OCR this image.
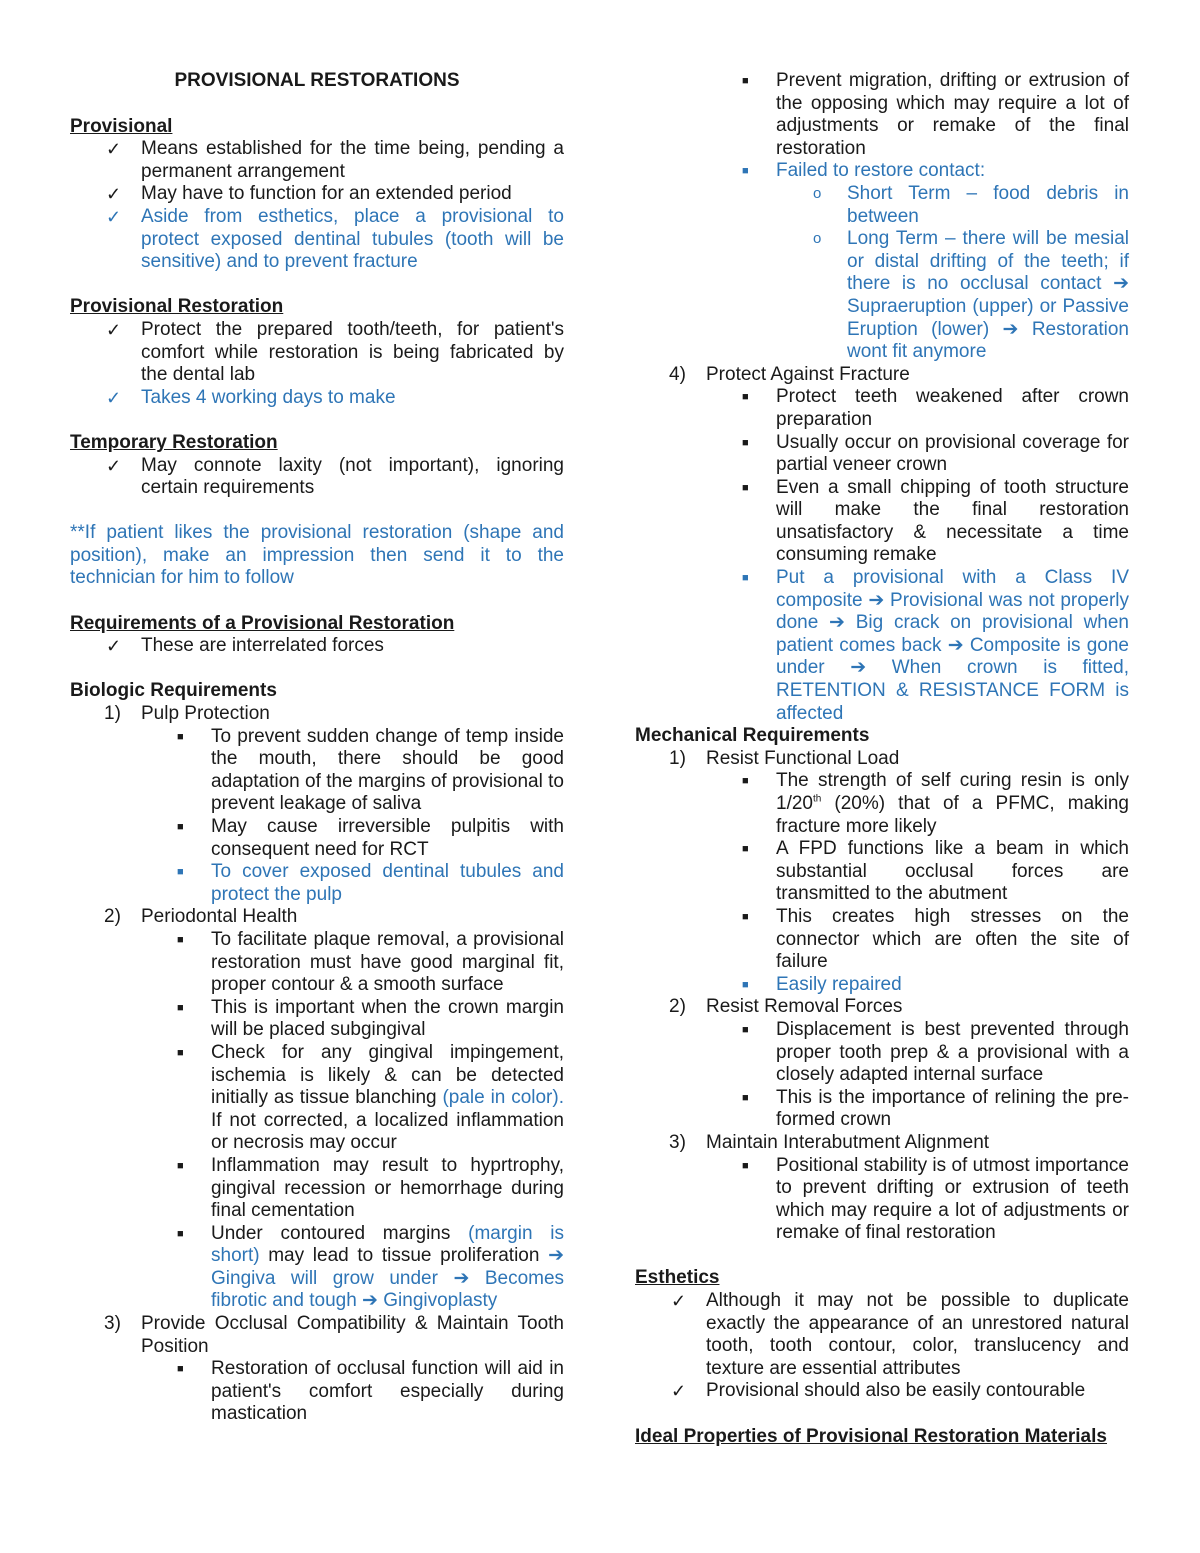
PROVISIONAL RESTORATIONS
Provisional
✓ Means established for the time being, pending a permanent arrangement
✓ May have to function for an extended period
✓ Aside from esthetics, place a provisional to protect exposed dentinal tubules (tooth will be sensitive) and to prevent fracture
Provisional Restoration
✓ Protect the prepared tooth/teeth, for patient's comfort while restoration is being fabricated by the dental lab
✓ Takes 4 working days to make
Temporary Restoration
✓ May connote laxity (not important), ignoring certain requirements
**If patient likes the provisional restoration (shape and position), make an impression then send it to the technician for him to follow
Requirements of a Provisional Restoration
✓ These are interrelated forces
Biologic Requirements
1) Pulp Protection
■ To prevent sudden change of temp inside the mouth, there should be good adaptation of the margins of provisional to prevent leakage of saliva
■ May cause irreversible pulpitis with consequent need for RCT
■ To cover exposed dentinal tubules and protect the pulp
2) Periodontal Health
■ To facilitate plaque removal, a provisional restoration must have good marginal fit, proper contour & a smooth surface
■ This is important when the crown margin will be placed subgingival
■ Check for any gingival impingement, ischemia is likely & can be detected initially as tissue blanching (pale in color). If not corrected, a localized inflammation or necrosis may occur
■ Inflammation may result to hyprtrophy, gingival recession or hemorrhage during final cementation
■ Under contoured margins (margin is short) may lead to tissue proliferation ➔ Gingiva will grow under ➔ Becomes fibrotic and tough ➔ Gingivoplasty
3) Provide Occlusal Compatibility & Maintain Tooth Position
■ Restoration of occlusal function will aid in patient's comfort especially during mastication
■ Prevent migration, drifting or extrusion of the opposing which may require a lot of adjustments or remake of the final restoration
■ Failed to restore contact:
o Short Term – food debris in between
o Long Term – there will be mesial or distal drifting of the teeth; if there is no occlusal contact ➔ Supraeruption (upper) or Passive Eruption (lower) ➔ Restoration wont fit anymore
4) Protect Against Fracture
■ Protect teeth weakened after crown preparation
■ Usually occur on provisional coverage for partial veneer crown
■ Even a small chipping of tooth structure will make the final restoration unsatisfactory & necessitate a time consuming remake
■ Put a provisional with a Class IV composite ➔ Provisional was not properly done ➔ Big crack on provisional when patient comes back ➔ Composite is gone under ➔ When crown is fitted, RETENTION & RESISTANCE FORM is affected
Mechanical Requirements
1) Resist Functional Load
■ The strength of self curing resin is only 1/20th (20%) that of a PFMC, making fracture more likely
■ A FPD functions like a beam in which substantial occlusal forces are transmitted to the abutment
■ This creates high stresses on the connector which are often the site of failure
■ Easily repaired
2) Resist Removal Forces
■ Displacement is best prevented through proper tooth prep & a provisional with a closely adapted internal surface
■ This is the importance of relining the pre-formed crown
3) Maintain Interabutment Alignment
■ Positional stability is of utmost importance to prevent drifting or extrusion of teeth which may require a lot of adjustments or remake of final restoration
Esthetics
✓ Although it may not be possible to duplicate exactly the appearance of an unrestored natural tooth, tooth contour, color, translucency and texture are essential attributes
✓ Provisional should also be easily contourable
Ideal Properties of Provisional Restoration Materials
